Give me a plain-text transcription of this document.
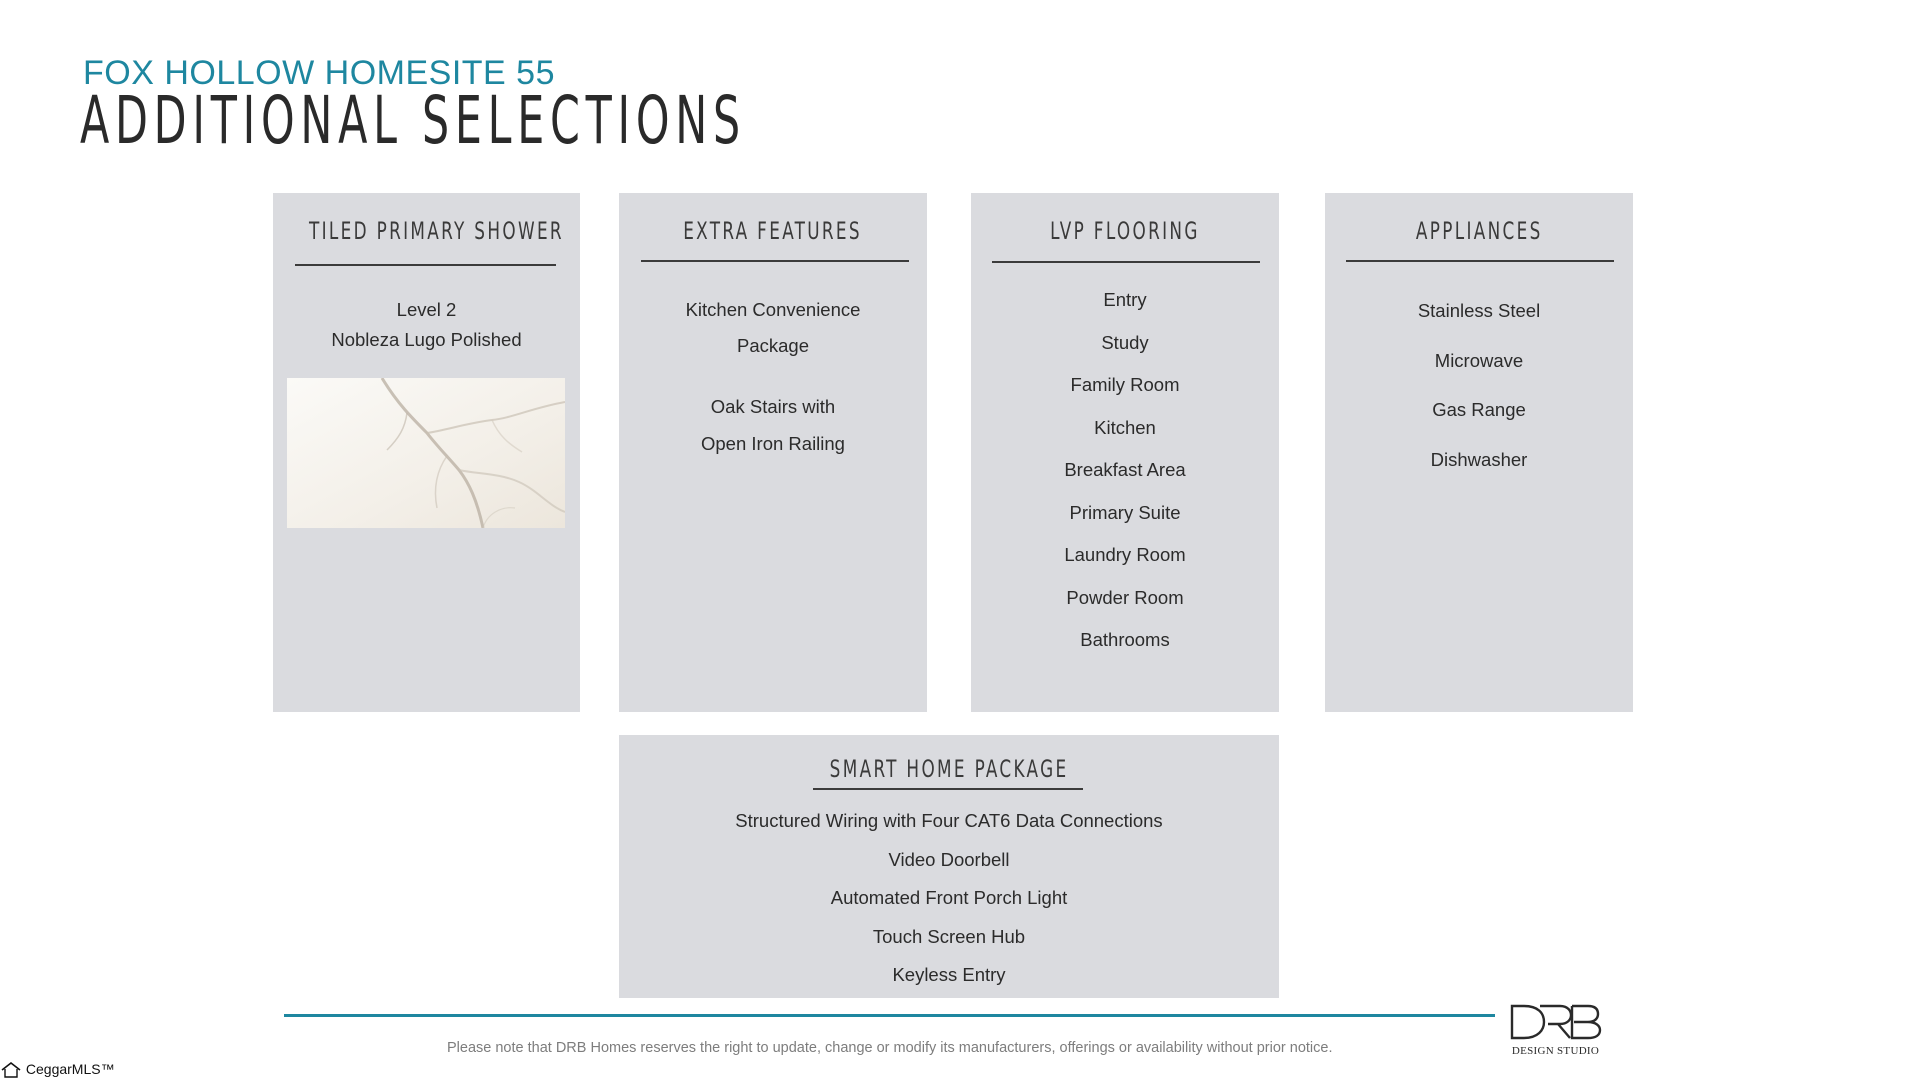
FOX HOLLOW HOMESITE 55
ADDITIONAL SELECTIONS
TILED PRIMARY SHOWER
Level 2
Nobleza Lugo Polished
EXTRA FEATURES
Kitchen Convenience
Package
Oak Stairs with
Open Iron Railing
LVP FLOORING
Entry
Study
Family Room
Kitchen
Breakfast Area
Primary Suite
Laundry Room
Powder Room
Bathrooms
APPLIANCES
Stainless Steel
Microwave
Gas Range
Dishwasher
SMART HOME PACKAGE
Structured Wiring with Four CAT6 Data Connections
Video Doorbell
Automated Front Porch Light
Touch Screen Hub
Keyless Entry
Please note that DRB Homes reserves the right to update, change or modify its manufacturers, offerings or availability without prior notice.	DESIGN STUDIO
CeggarMLS™
